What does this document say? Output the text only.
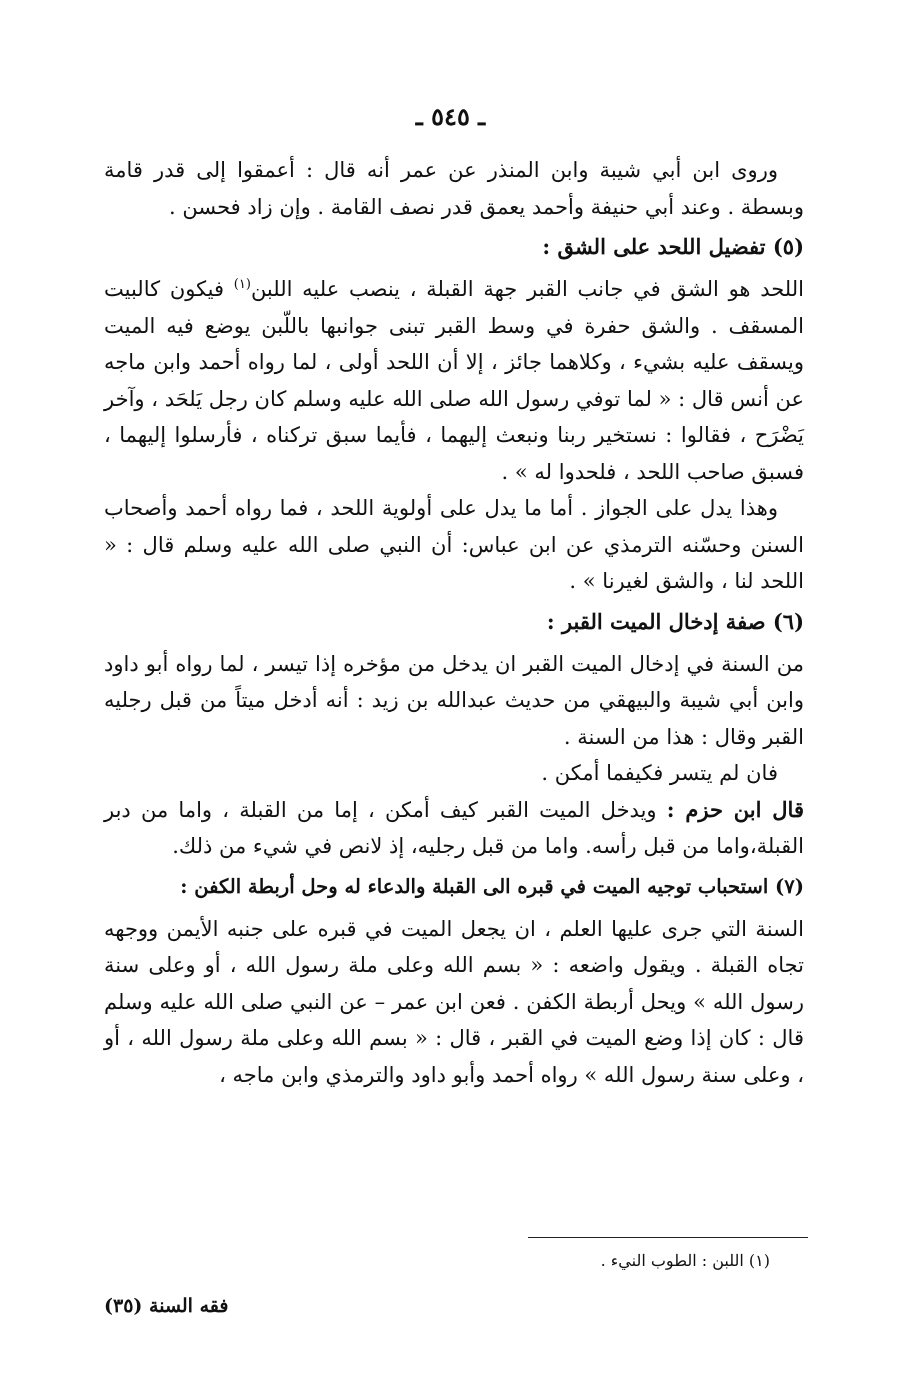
ـ ٥٤٥ ـ

وروى ابن أبي شيبة وابن المنذر عن عمر أنه قال : أعمقوا إلى قدر قامة وبسطة . وعند أبي حنيفة وأحمد يعمق قدر نصف القامة . وإن زاد فحسن .

(٥) تفضيل اللحد على الشق :

اللحد هو الشق في جانب القبر جهة القبلة ، ينصب عليه اللبن$^{(١)}$ فيكون كالبيت المسقف . والشق حفرة في وسط القبر تبنى جوانبها باللّبن يوضع فيه الميت ويسقف عليه بشيء ، وكلاهما جائز ، إلا أن اللحد أولى ، لما رواه أحمد وابن ماجه عن أنس قال : « لما توفي رسول الله صلى الله عليه وسلم كان رجل يَلحَد ، وآخر يَضْرَح ، فقالوا : نستخير ربنا ونبعث إليهما ، فأيما سبق تركناه ، فأرسلوا إليهما ، فسبق صاحب اللحد ، فلحدوا له » .

وهذا يدل على الجواز . أما ما يدل على أولوية اللحد ، فما رواه أحمد وأصحاب السنن وحسّنه الترمذي عن ابن عباس: أن النبي صلى الله عليه وسلم قال : « اللحد لنا ، والشق لغيرنا » .

(٦) صفة إدخال الميت القبر :

من السنة في إدخال الميت القبر ان يدخل من مؤخره إذا تيسر ، لما رواه أبو داود وابن أبي شيبة والبيهقي من حديث عبدالله بن زيد : أنه أدخل ميتاً من قبل رجليه القبر وقال : هذا من السنة .

فان لم يتسر فكيفما أمكن .

قال ابن حزم : ويدخل الميت القبر كيف أمكن ، إما من القبلة ، واما من دبر القبلة،واما من قبل رأسه. واما من قبل رجليه، إذ لانص في شيء من ذلك.

(٧) استحباب توجيه الميت في قبره الى القبلة والدعاء له وحل أربطة الكفن :

السنة التي جرى عليها العلم ، ان يجعل الميت في قبره على جنبه الأيمن ووجهه تجاه القبلة . ويقول واضعه : « بسم الله وعلى ملة رسول الله ، أو وعلى سنة رسول الله » ويحل أربطة الكفن . فعن ابن عمر – عن النبي صلى الله عليه وسلم قال : كان إذا وضع الميت في القبر ، قال : « بسم الله وعلى ملة رسول الله ، أو ، وعلى سنة رسول الله » رواه أحمد وأبو داود والترمذي وابن ماجه ،

(١) اللبن : الطوب النيء .
فقه السنة (٣٥)
